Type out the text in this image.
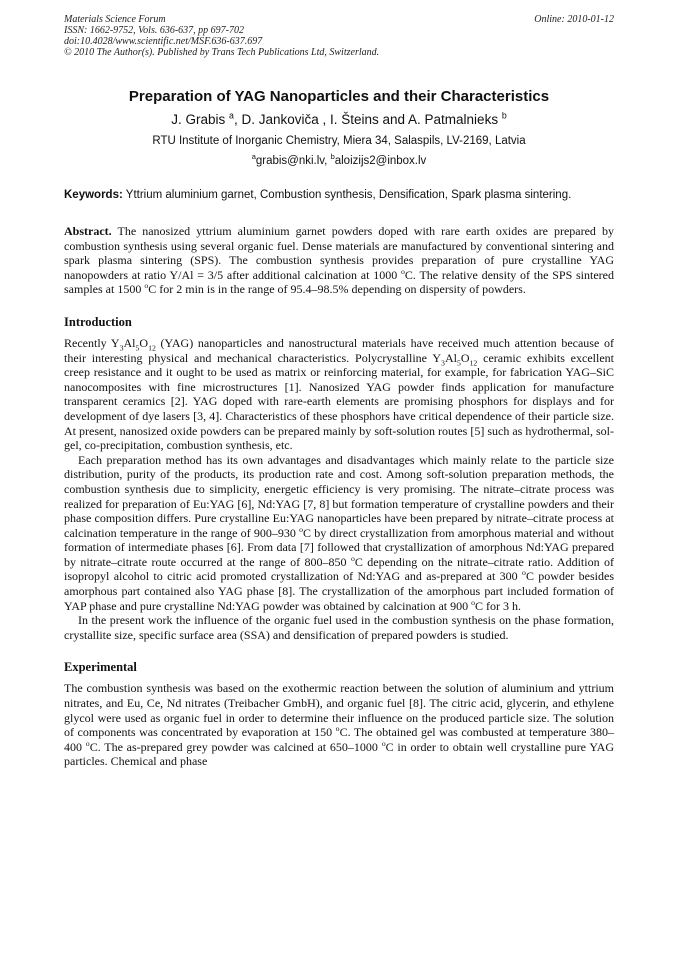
Materials Science Forum
ISSN: 1662-9752, Vols. 636-637, pp 697-702
doi:10.4028/www.scientific.net/MSF.636-637.697
© 2010 The Author(s). Published by Trans Tech Publications Ltd, Switzerland.
Online: 2010-01-12
Preparation of YAG Nanoparticles and their Characteristics
J. Grabis $^a$, D. Jankoviča , I. Šteins and A. Patmalnieks $^b$
RTU Institute of Inorganic Chemistry, Miera 34, Salaspils, LV-2169, Latvia
$^a$grabis@nki.lv, $^b$aloizijs2@inbox.lv
Keywords: Yttrium aluminium garnet, Combustion synthesis, Densification, Spark plasma sintering.

Abstract. The nanosized yttrium aluminium garnet powders doped with rare earth oxides are prepared by combustion synthesis using several organic fuel. Dense materials are manufactured by conventional sintering and spark plasma sintering (SPS). The combustion synthesis provides preparation of pure crystalline YAG nanopowders at ratio Y/Al = 3/5 after additional calcination at 1000 $^o$C. The relative density of the SPS sintered samples at 1500 $^o$C for 2 min is in the range of 95.4–98.5% depending on dispersity of powders.

Introduction

Recently $Y_3Al_5O_{12}$ (YAG) nanoparticles and nanostructural materials have received much attention because of their interesting physical and mechanical characteristics. Polycrystalline $Y_3Al_5O_{12}$ ceramic exhibits excellent creep resistance and it ought to be used as matrix or reinforcing material, for example, for fabrication YAG–SiC nanocomposites with fine microstructures [1]. Nanosized YAG powder finds application for manufacture transparent ceramics [2]. YAG doped with rare-earth elements are promising phosphors for displays and for development of dye lasers [3, 4]. Characteristics of these phosphors have critical dependence of their particle size. At present, nanosized oxide powders can be prepared mainly by soft-solution routes [5] such as hydrothermal, sol-gel, co-precipitation, combustion synthesis, etc.

Each preparation method has its own advantages and disadvantages which mainly relate to the particle size distribution, purity of the products, its production rate and cost. Among soft-solution preparation methods, the combustion synthesis due to simplicity, energetic efficiency is very promising. The nitrate–citrate process was realized for preparation of Eu:YAG [6], Nd:YAG [7, 8] but formation temperature of crystalline powders and their phase composition differs. Pure crystalline Eu:YAG nanoparticles have been prepared by nitrate–citrate process at calcination temperature in the range of 900–930 $^o$C by direct crystallization from amorphous material and without formation of intermediate phases [6]. From data [7] followed that crystallization of amorphous Nd:YAG prepared by nitrate–citrate route occurred at the range of 800–850 $^o$C depending on the nitrate–citrate ratio. Addition of isopropyl alcohol to citric acid promoted crystallization of Nd:YAG and as-prepared at 300 $^o$C powder besides amorphous part contained also YAG phase [8]. The crystallization of the amorphous part included formation of YAP phase and pure crystalline Nd:YAG powder was obtained by calcination at 900 $^o$C for 3 h.

In the present work the influence of the organic fuel used in the combustion synthesis on the phase formation, crystallite size, specific surface area (SSA) and densification of prepared powders is studied.

Experimental

The combustion synthesis was based on the exothermic reaction between the solution of aluminium and yttrium nitrates, and Eu, Ce, Nd nitrates (Treibacher GmbH), and organic fuel [8]. The citric acid, glycerin, and ethylene glycol were used as organic fuel in order to determine their influence on the produced particle size. The solution of components was concentrated by evaporation at 150 $^o$C. The obtained gel was combusted at temperature 380–400 $^o$C. The as-prepared grey powder was calcined at 650–1000 $^o$C in order to obtain well crystalline pure YAG particles. Chemical and phase
